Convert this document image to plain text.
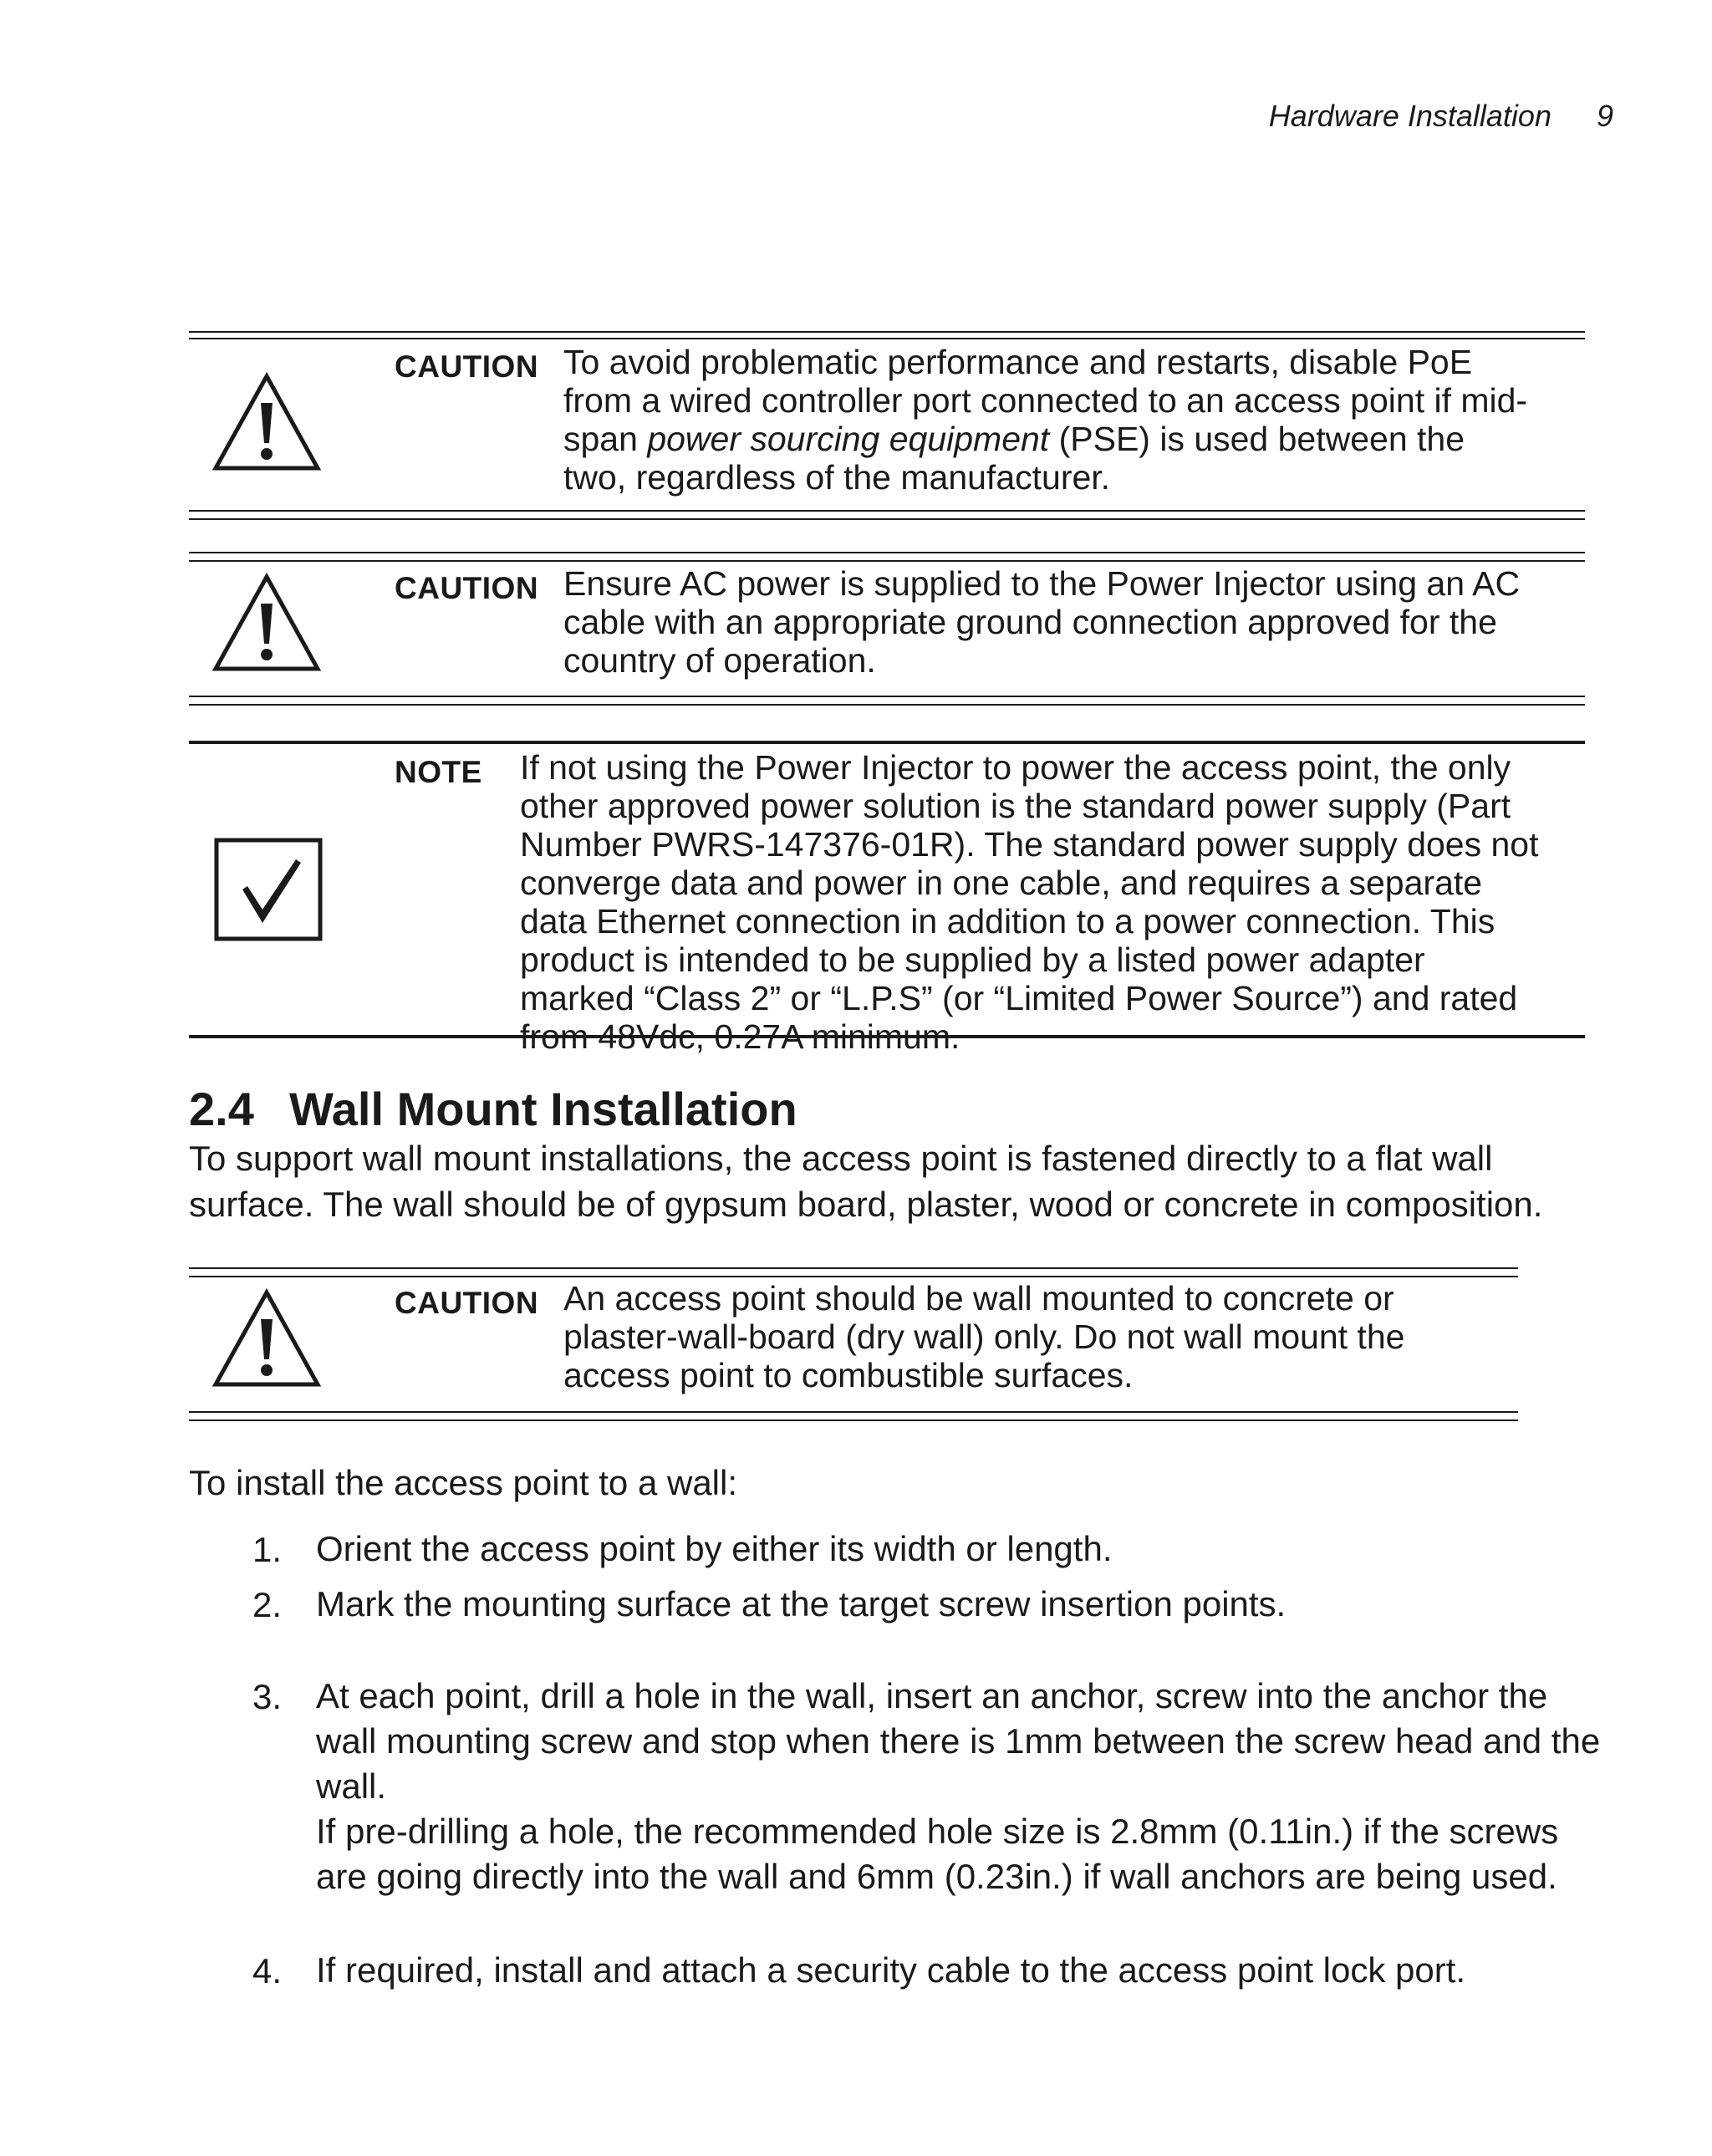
Hardware Installation 9
CAUTION To avoid problematic performance and restarts, disable PoE from a wired controller port connected to an access point if mid-span power sourcing equipment (PSE) is used between the two, regardless of the manufacturer.
CAUTION Ensure AC power is supplied to the Power Injector using an AC cable with an appropriate ground connection approved for the country of operation.
NOTE If not using the Power Injector to power the access point, the only other approved power solution is the standard power supply (Part Number PWRS-147376-01R). The standard power supply does not converge data and power in one cable, and requires a separate data Ethernet connection in addition to a power connection. This product is intended to be supplied by a listed power adapter marked “Class 2” or “L.P.S” (or “Limited Power Source”) and rated from 48Vdc, 0.27A minimum.
2.4 Wall Mount Installation
To support wall mount installations, the access point is fastened directly to a flat wall surface. The wall should be of gypsum board, plaster, wood or concrete in composition.
CAUTION An access point should be wall mounted to concrete or plaster-wall-board (dry wall) only. Do not wall mount the access point to combustible surfaces.
To install the access point to a wall:
1. Orient the access point by either its width or length.
2. Mark the mounting surface at the target screw insertion points.
3. At each point, drill a hole in the wall, insert an anchor, screw into the anchor the wall mounting screw and stop when there is 1mm between the screw head and the wall.
If pre-drilling a hole, the recommended hole size is 2.8mm (0.11in.) if the screws are going directly into the wall and 6mm (0.23in.) if wall anchors are being used.
4. If required, install and attach a security cable to the access point lock port.
